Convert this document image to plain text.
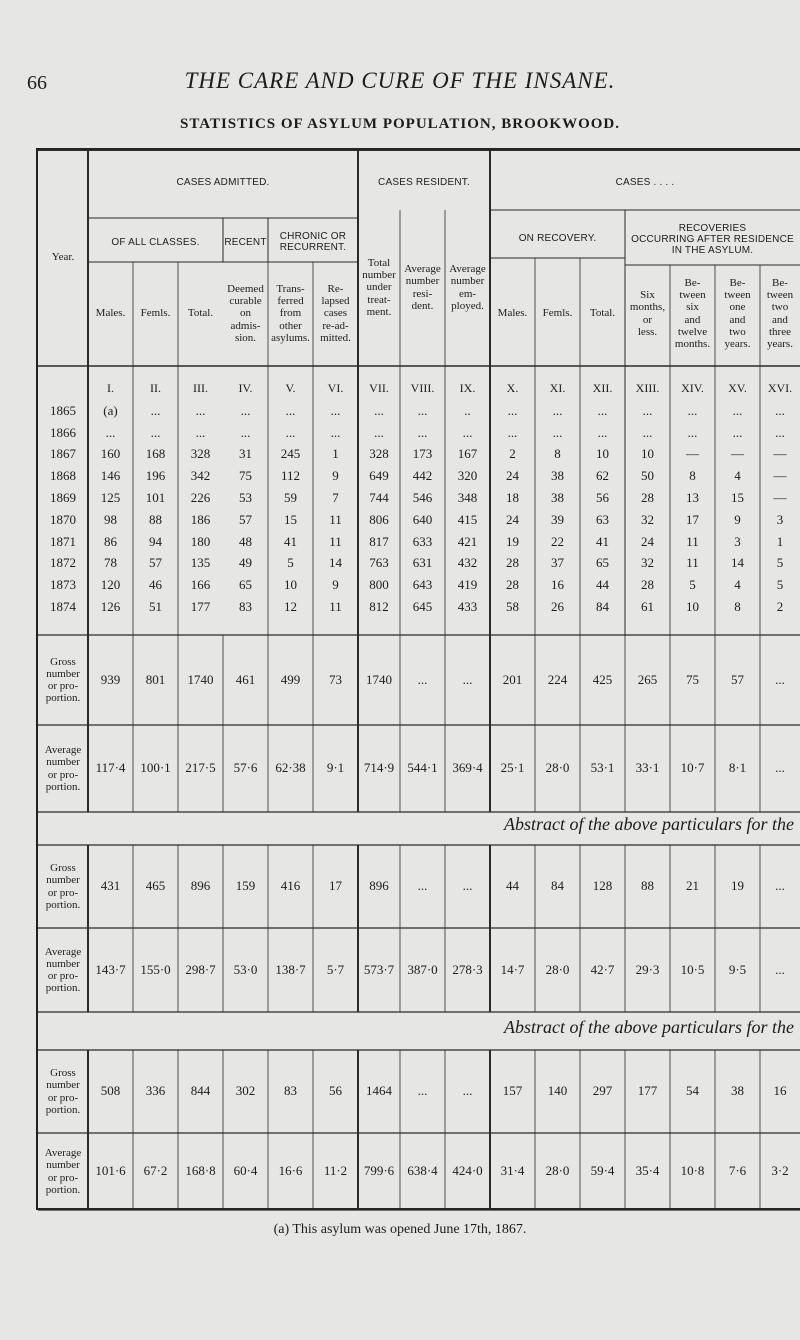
66	THE CARE AND CURE OF THE INSANE.
STATISTICS OF ASYLUM POPULATION, BROOKWOOD.
Year.
CASES ADMITTED.	CASES RESIDENT.	CASES . . . .
OF ALL CLASSES.	RECENT	CHRONIC OR
RECURRENT.
ON RECOVERY.
RECOVERIES
OCCURRING AFTER RESIDENCE
IN THE ASYLUM.
Males.	Femls.	Total.
Deemed
curable
on
admis-
sion.
Trans-
ferred
from
other
asylums.
Re-
lapsed
cases
re-ad-
mitted.
Total
number
under
treat-
ment.
Average
number
resi-
dent.
Average
number
em-
ployed.
Males.	Femls.	Total.
Six
months,
or
less.
Be-
tween
six
and
twelve
months.
Be-
tween
one
and
two
years.
Be-
tween
two
and
three
years.
I.	II.	III.	IV.	V.	VI.	VII.	VIII.	IX.	X.	XI.	XII.	XIII.	XIV.	XV.	XVI.
1865	(a)	...	...	...	...	...	...	...	..	...	...	...	...	...	...	...
1866	...	...	...	...	...	...	...	...	...	...	...	...	...	...	...	...
1867	160	168	328	31	245	1	328	173	167	2	8	10	10	—	—	—
1868	146	196	342	75	112	9	649	442	320	24	38	62	50	8	4	—
1869	125	101	226	53	59	7	744	546	348	18	38	56	28	13	15	—
1870	98	88	186	57	15	11	806	640	415	24	39	63	32	17	9	3
1871	86	94	180	48	41	11	817	633	421	19	22	41	24	11	3	1
1872	78	57	135	49	5	14	763	631	432	28	37	65	32	11	14	5
1873	120	46	166	65	10	9	800	643	419	28	16	44	28	5	4	5
1874	126	51	177	83	12	11	812	645	433	58	26	84	61	10	8	2
Gross
number
or pro-
portion.
Average
number
or pro-
portion.
939	801	1740	461	499	73	1740	...	...	201	224	425	265	75	57	...
117·4	100·1	217·5	57·6	62·38	9·1	714·9	544·1	369·4	25·1	28·0	53·1	33·1	10·7	8·1	...
Gross
number
or pro-
portion.
Average
number
or pro-
portion.
431	465	896	159	416	17	896	...	...	44	84	128	88	21	19	...
143·7	155·0	298·7	53·0	138·7	5·7	573·7	387·0	278·3	14·7	28·0	42·7	29·3	10·5	9·5	...
Gross
number
or pro-
portion.
Average
number
or pro-
portion.
508	336	844	302	83	56	1464	...	...	157	140	297	177	54	38	16
101·6	67·2	168·8	60·4	16·6	11·2	799·6	638·4	424·0	31·4	28·0	59·4	35·4	10·8	7·6	3·2
(a) This asylum was opened June 17th, 1867.
Abstract of the above particulars for the
Abstract of the above particulars for the
